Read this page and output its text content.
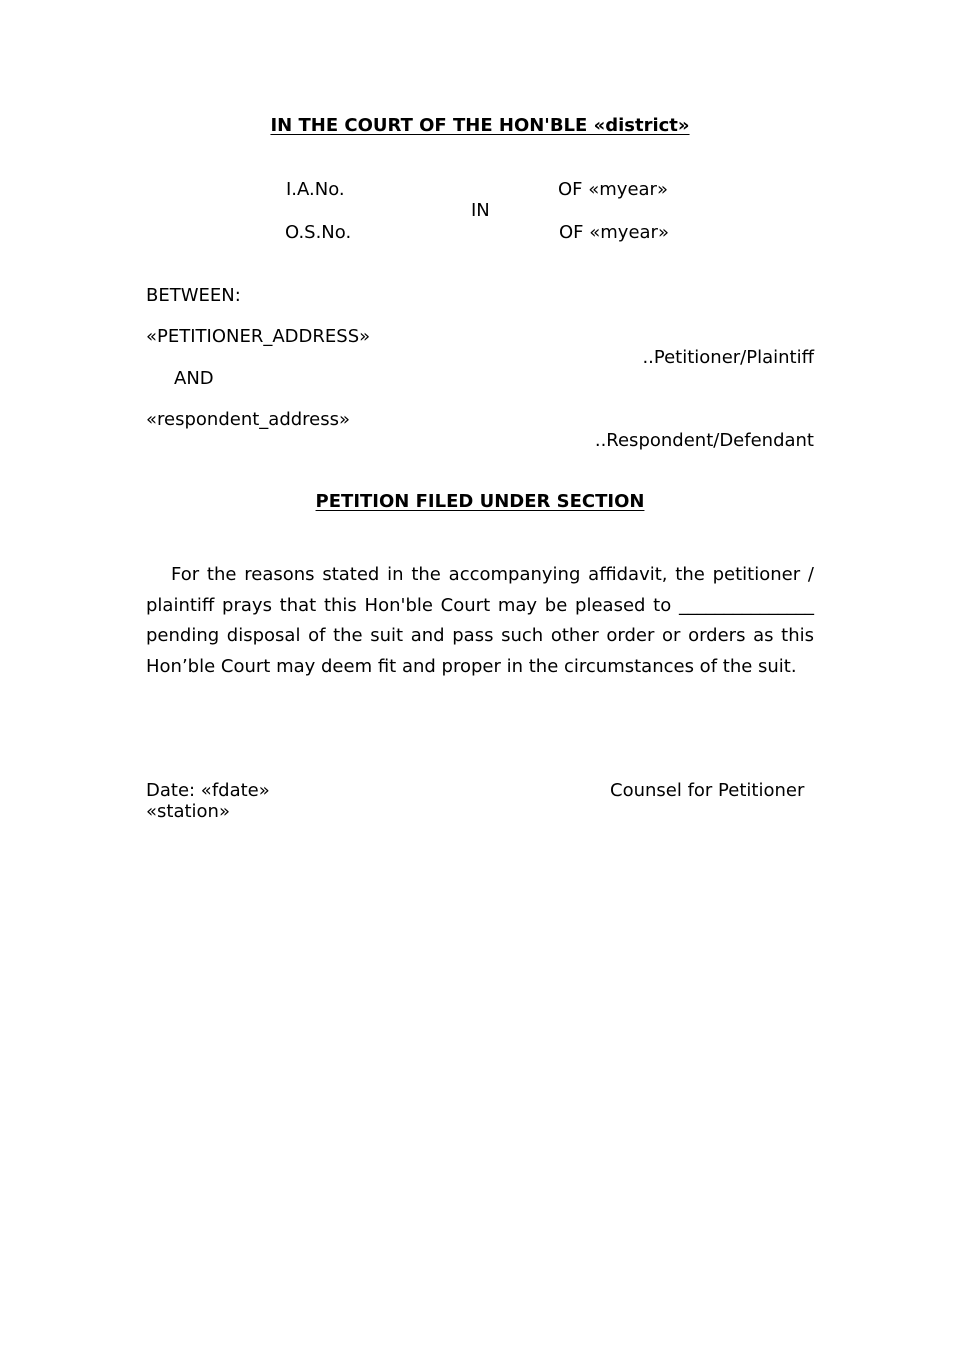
IN THE COURT OF THE HON'BLE «district»
I.A.No.	OF «myear»
IN
O.S.No.	OF «myear»
BETWEEN:
«PETITIONER_ADDRESS»
..Petitioner/Plaintiff
AND
«respondent_address»
..Respondent/Defendant
PETITION FILED UNDER SECTION
For the reasons stated in the accompanying affidavit, the petitioner / plaintiff prays that this Hon'ble Court may be pleased to _______________ pending disposal of the suit and pass such other order or orders as this Hon’ble Court may deem fit and proper in the circumstances of the suit.
Date: «fdate»
«station»
Counsel for Petitioner
